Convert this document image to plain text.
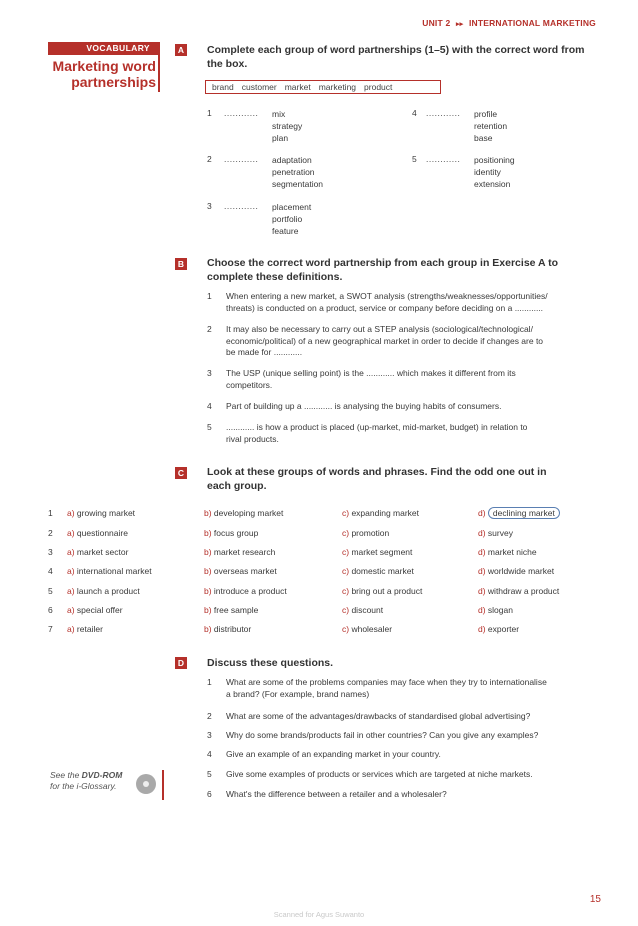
UNIT 2 ▸▸ INTERNATIONAL MARKETING
VOCABULARY
Marketing word
partnerships
A Complete each group of word partnerships (1–5) with the correct word from
the box.
brand customer market marketing product
1 ............ mix
strategy
plan
2 ............ adaptation
penetration
segmentation
3 ............ placement
portfolio
feature
4 ............ profile
retention
base
5 ............ positioning
identity
extension
B Choose the correct word partnership from each group in Exercise A to
complete these definitions.
1 When entering a new market, a SWOT analysis (strengths/weaknesses/opportunities/
threats) is conducted on a product, service or company before deciding on a ............
2 It may also be necessary to carry out a STEP analysis (sociological/technological/
economic/political) of a new geographical market in order to decide if changes are to
be made for ............
3 The USP (unique selling point) is the ............ which makes it different from its
competitors.
4 Part of building up a ............ is analysing the buying habits of consumers.
5 ............ is how a product is placed (up-market, mid-market, budget) in relation to
rival products.
C Look at these groups of words and phrases. Find the odd one out in
each group.
1 a) growing market	b) developing market	c) expanding market	d) declining market
2 a) questionnaire	b) focus group	c) promotion	d) survey
3 a) market sector	b) market research	c) market segment	d) market niche
4 a) international market	b) overseas market	c) domestic market	d) worldwide market
5 a) launch a product	b) introduce a product	c) bring out a product	d) withdraw a product
6 a) special offer	b) free sample	c) discount	d) slogan
7 a) retailer	b) distributor	c) wholesaler	d) exporter
D Discuss these questions.
1 What are some of the problems companies may face when they try to internationalise
a brand? (For example, brand names)
2 What are some of the advantages/drawbacks of standardised global advertising?
3 Why do some brands/products fail in other countries? Can you give any examples?
4 Give an example of an expanding market in your country.
5 Give some examples of products or services which are targeted at niche markets.
6 What's the difference between a retailer and a wholesaler?
See the DVD-ROM
for the i-Glossary.
15
Scanned for Agus Suwanto
